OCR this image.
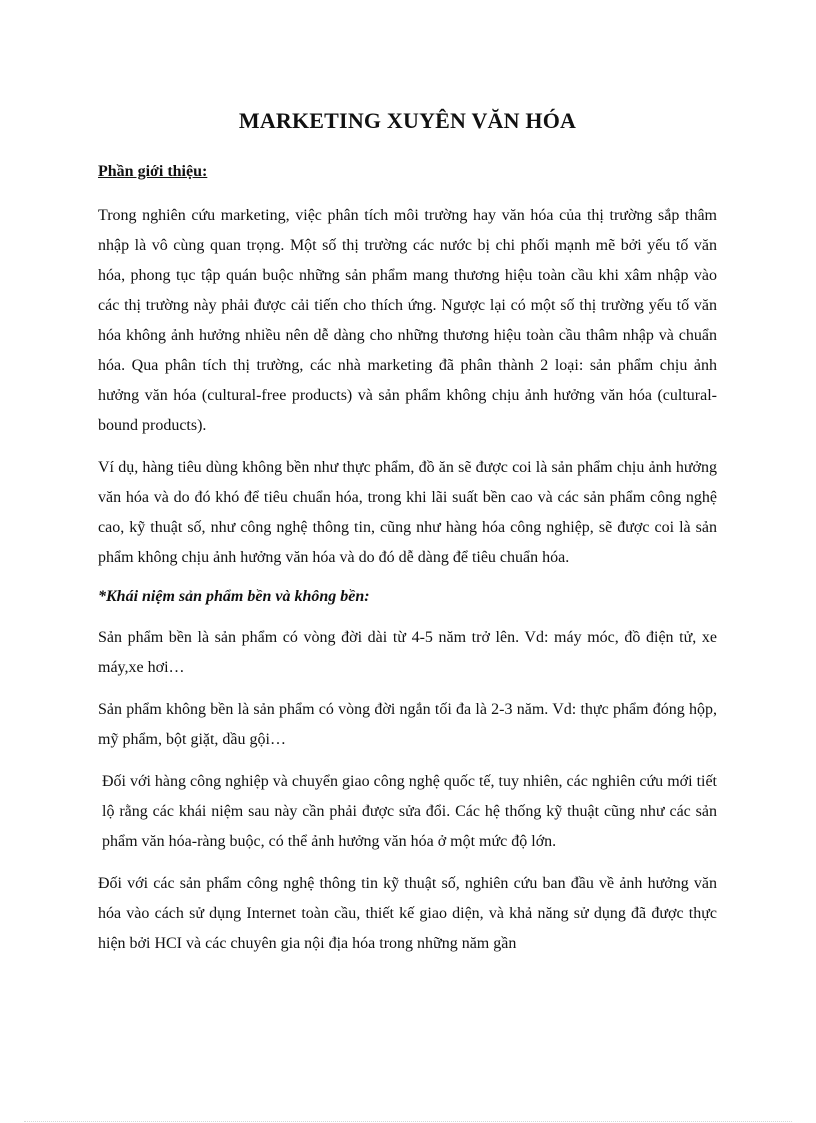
MARKETING XUYÊN VĂN HÓA
Phần giới thiệu:

Trong nghiên cứu marketing, việc phân tích môi trường hay văn hóa của thị trường sắp thâm nhập là vô cùng quan trọng. Một số thị trường các nước bị chi phối mạnh mẽ bởi yếu tố văn hóa, phong tục tập quán buộc những sản phẩm mang thương hiệu toàn cầu khi xâm nhập vào các thị trường này phải được cải tiến cho thích ứng. Ngược lại có một số thị trường yếu tố văn hóa không ảnh hưởng nhiều nên dễ dàng cho những thương hiệu toàn cầu thâm nhập và chuẩn hóa. Qua phân tích thị trường, các nhà marketing đã phân thành 2 loại: sản phẩm chịu ảnh hưởng văn hóa (cultural-free products) và sản phẩm không chịu ảnh hưởng văn hóa (cultural-bound products).

Ví dụ, hàng tiêu dùng không bền như thực phẩm, đồ ăn sẽ được coi là sản phẩm chịu ảnh hưởng văn hóa và do đó khó để tiêu chuẩn hóa, trong khi lãi suất bền cao và các sản phẩm công nghệ cao, kỹ thuật số, như công nghệ thông tin, cũng như hàng hóa công nghiệp, sẽ được coi là sản phẩm không chịu ảnh hưởng văn hóa và do đó dễ dàng để tiêu chuẩn hóa.

*Khái niệm sản phẩm bền và không bền:

Sản phẩm bền là sản phẩm có vòng đời dài từ 4-5 năm trở lên. Vd: máy móc, đồ điện tử, xe máy,xe hơi…

Sản phẩm không bền là sản phẩm có vòng đời ngắn tối đa là 2-3 năm. Vd: thực phẩm đóng hộp, mỹ phẩm, bột giặt, dầu gội…

Đối với hàng công nghiệp và chuyển giao công nghệ quốc tế, tuy nhiên, các nghiên cứu mới tiết lộ rằng các khái niệm sau này cần phải được sửa đổi. Các hệ thống kỹ thuật cũng như các sản phẩm văn hóa-ràng buộc, có thể ảnh hưởng văn hóa ở một mức độ lớn.

Đối với các sản phẩm công nghệ thông tin kỹ thuật số, nghiên cứu ban đầu về ảnh hưởng văn hóa vào cách sử dụng Internet toàn cầu, thiết kế giao diện, và khả năng sử dụng đã được thực hiện bởi HCI và các chuyên gia nội địa hóa trong những năm gần
